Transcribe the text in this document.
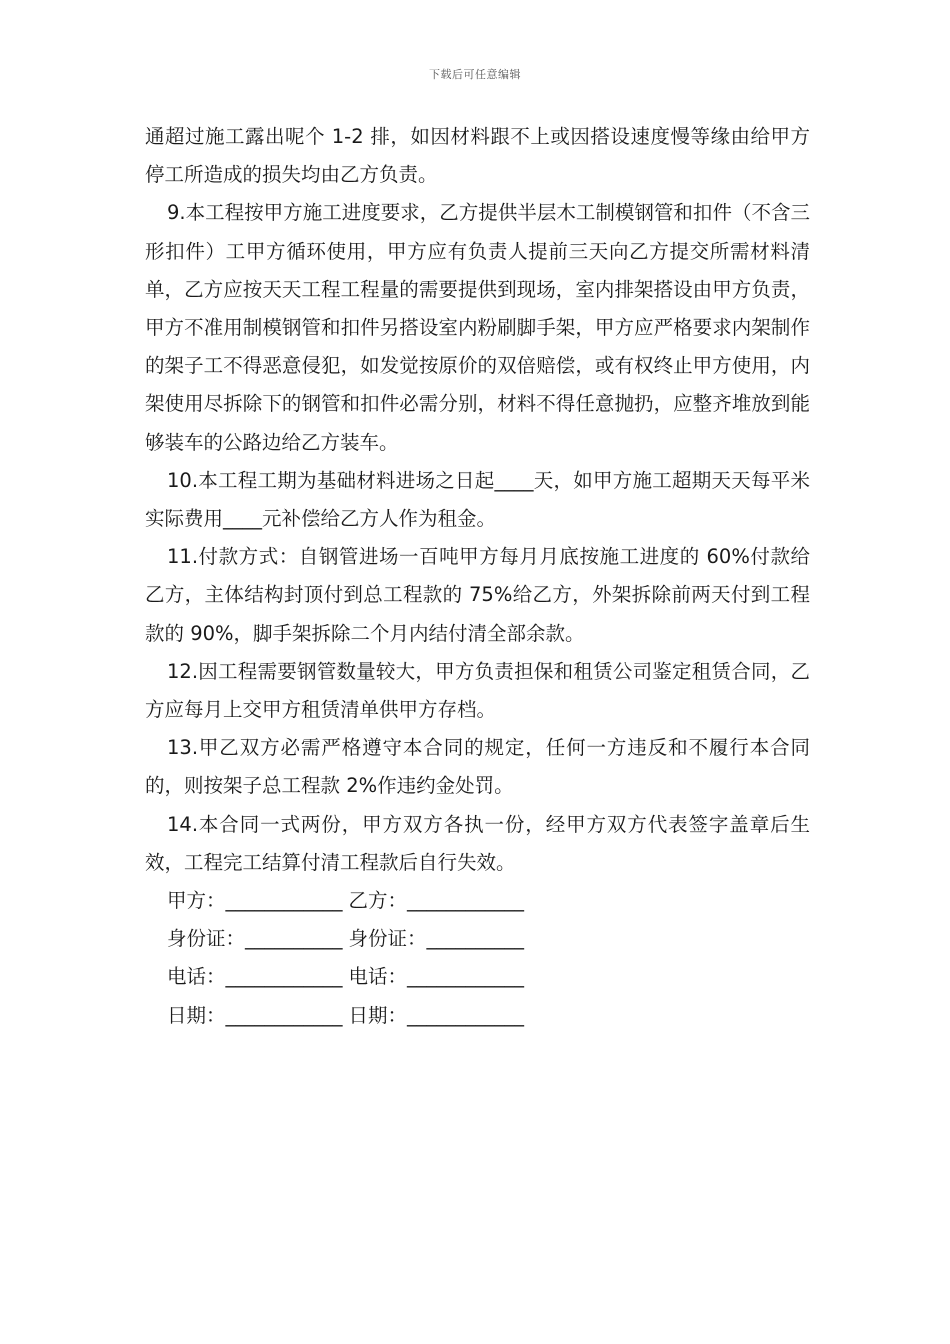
下载后可任意编辑

通超过施工露出呢个 1-2 排，如因材料跟不上或因搭设速度慢等缘由给甲方停工所造成的损失均由乙方负责。

9.本工程按甲方施工进度要求，乙方提供半层木工制模钢管和扣件（不含三形扣件）工甲方循环使用，甲方应有负责人提前三天向乙方提交所需材料清单，乙方应按天天工程工程量的需要提供到现场，室内排架搭设由甲方负责，甲方不准用制模钢管和扣件另搭设室内粉刷脚手架，甲方应严格要求内架制作的架子工不得恶意侵犯，如发觉按原价的双倍赔偿，或有权终止甲方使用，内架使用尽拆除下的钢管和扣件必需分别，材料不得任意抛扔，应整齐堆放到能够装车的公路边给乙方装车。

10.本工程工期为基础材料进场之日起____天，如甲方施工超期天天每平米实际费用____元补偿给乙方人作为租金。

11.付款方式：自钢管进场一百吨甲方每月月底按施工进度的 60%付款给乙方，主体结构封顶付到总工程款的 75%给乙方，外架拆除前两天付到工程款的 90%，脚手架拆除二个月内结付清全部余款。

12.因工程需要钢管数量较大，甲方负责担保和租赁公司鉴定租赁合同，乙方应每月上交甲方租赁清单供甲方存档。

13.甲乙双方必需严格遵守本合同的规定，任何一方违反和不履行本合同的，则按架子总工程款 2%作违约金处罚。

14.本合同一式两份，甲方双方各执一份，经甲方双方代表签字盖章后生效，工程完工结算付清工程款后自行失效。

甲方：____________ 乙方：____________

身份证：__________ 身份证：__________

电话：____________ 电话：____________

日期：____________ 日期：____________
